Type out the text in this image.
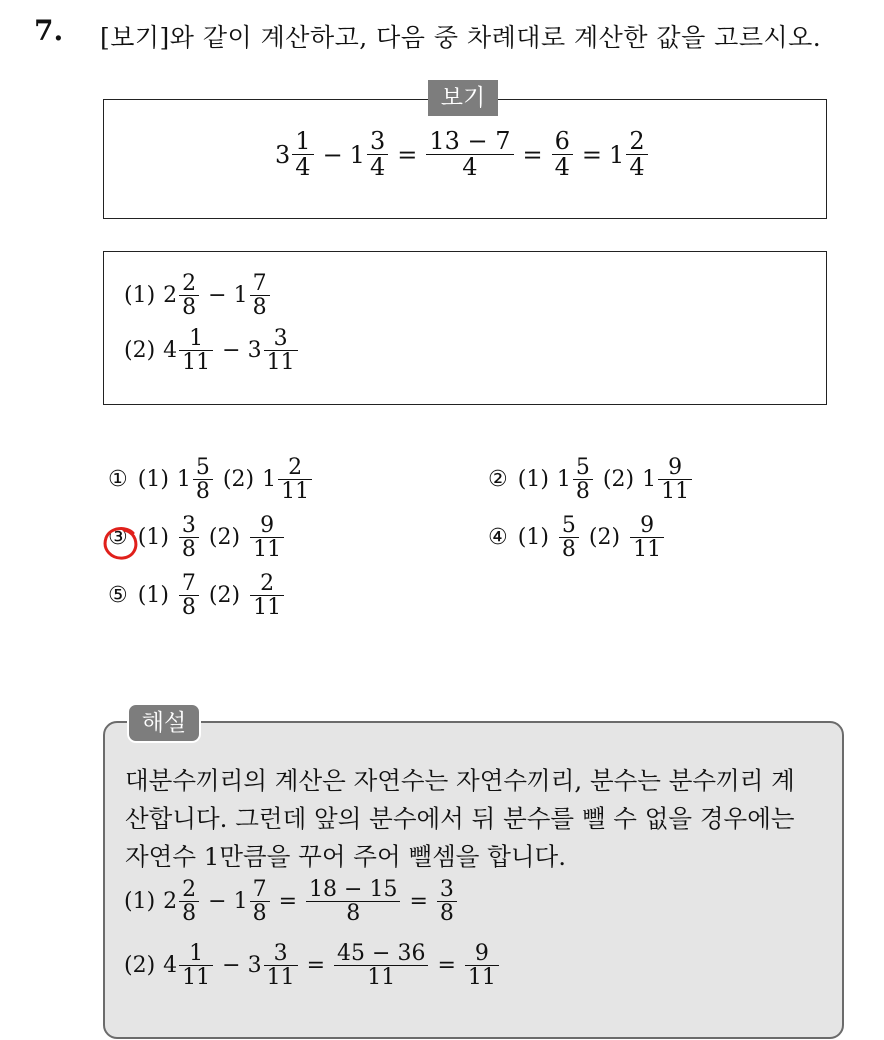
7. [보기]와 같이 계산하고, 다음 중 차례대로 계산한 값을 고르시오.
보기
$3 \frac{1}{4} - 1 \frac{3}{4} = \frac{13 - 7}{4} = \frac{6}{4} = 1 \frac{2}{4}$
(1) $2 \frac{2}{8} - 1 \frac{7}{8}$
(2) $4 \frac{1}{11} - 3 \frac{3}{11}$
① (1) $1 \frac{5}{8} (2)$ $1 \frac{2}{11}$	② (1) $1 \frac{5}{8} (2)$ $1 \frac{9}{11}$
③ $(1) \frac{3}{8} (2) \frac{9}{11}$	④ $(1) \frac{5}{8} (2) \frac{9}{11}$
⑤ $(1) \frac{7}{8} (2) \frac{2}{11}$
해설
대분수끼리의 계산은 자연수는 자연수끼리, 분수는 분수끼리 계
산합니다. 그런데 앞의 분수에서 뒤 분수를 뺄 수 없을 경우에는
자연수 1만큼을 꾸어 주어 뺄셈을 합니다.
(1) $2 \frac{2}{8} - 1 \frac{7}{8} = \frac{18 - 15}{8} = \frac{3}{8}$
(2) $4 \frac{1}{11} - 3 \frac{3}{11} = \frac{45 - 36}{11} = \frac{9}{11}$
